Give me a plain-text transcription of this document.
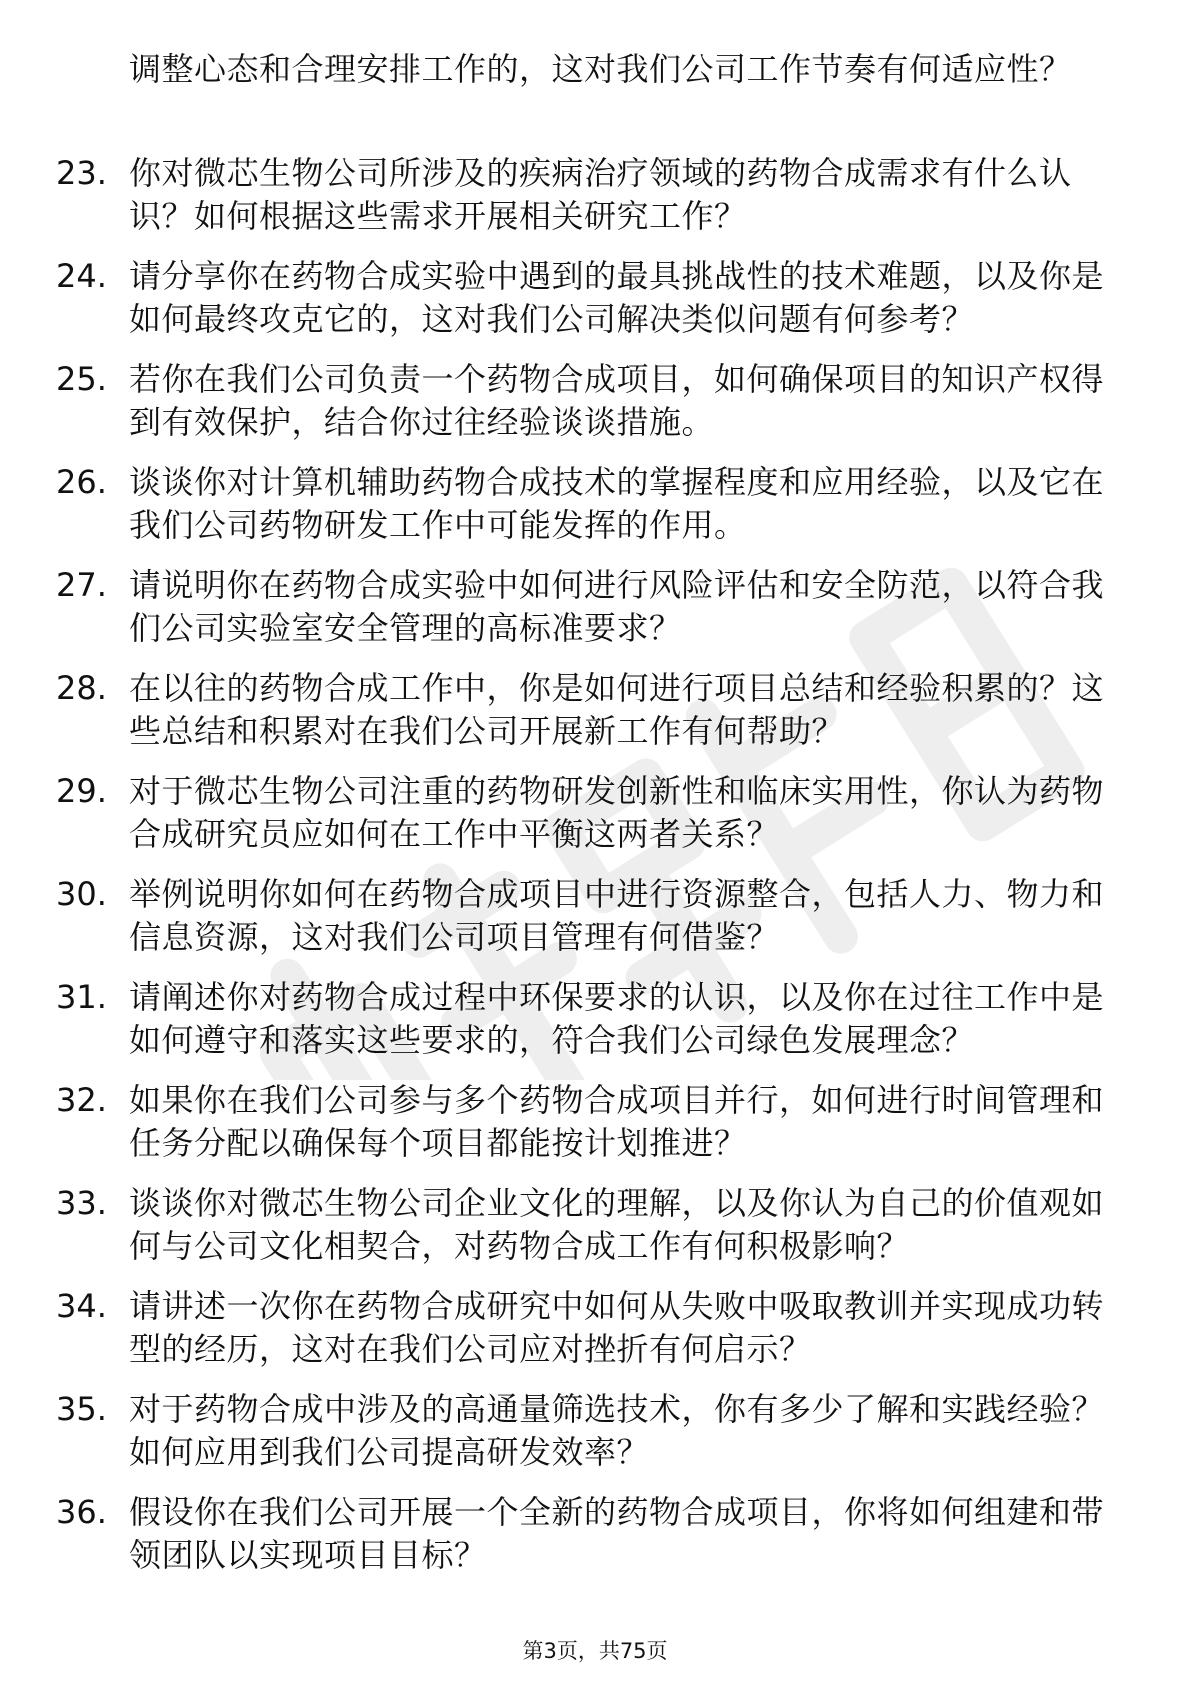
调整心态和合理安排工作的，这对我们公司工作节奏有何适应性？

23. 你对微芯生物公司所涉及的疾病治疗领域的药物合成需求有什么认识？如何根据这些需求开展相关研究工作？
24. 请分享你在药物合成实验中遇到的最具挑战性的技术难题，以及你是如何最终攻克它的，这对我们公司解决类似问题有何参考？
25. 若你在我们公司负责一个药物合成项目，如何确保项目的知识产权得到有效保护，结合你过往经验谈谈措施。
26. 谈谈你对计算机辅助药物合成技术的掌握程度和应用经验，以及它在我们公司药物研发工作中可能发挥的作用。
27. 请说明你在药物合成实验中如何进行风险评估和安全防范，以符合我们公司实验室安全管理的高标准要求？
28. 在以往的药物合成工作中，你是如何进行项目总结和经验积累的？这些总结和积累对在我们公司开展新工作有何帮助？
29. 对于微芯生物公司注重的药物研发创新性和临床实用性，你认为药物合成研究员应如何在工作中平衡这两者关系？
30. 举例说明你如何在药物合成项目中进行资源整合，包括人力、物力和信息资源，这对我们公司项目管理有何借鉴？
31. 请阐述你对药物合成过程中环保要求的认识，以及你在过往工作中是如何遵守和落实这些要求的，符合我们公司绿色发展理念？
32. 如果你在我们公司参与多个药物合成项目并行，如何进行时间管理和任务分配以确保每个项目都能按计划推进？
33. 谈谈你对微芯生物公司企业文化的理解，以及你认为自己的价值观如何与公司文化相契合，对药物合成工作有何积极影响？
34. 请讲述一次你在药物合成研究中如何从失败中吸取教训并实现成功转型的经历，这对在我们公司应对挫折有何启示？
35. 对于药物合成中涉及的高通量筛选技术，你有多少了解和实践经验？如何应用到我们公司提高研发效率？
36. 假设你在我们公司开展一个全新的药物合成项目，你将如何组建和带领团队以实现项目目标？
第3页，共75页
